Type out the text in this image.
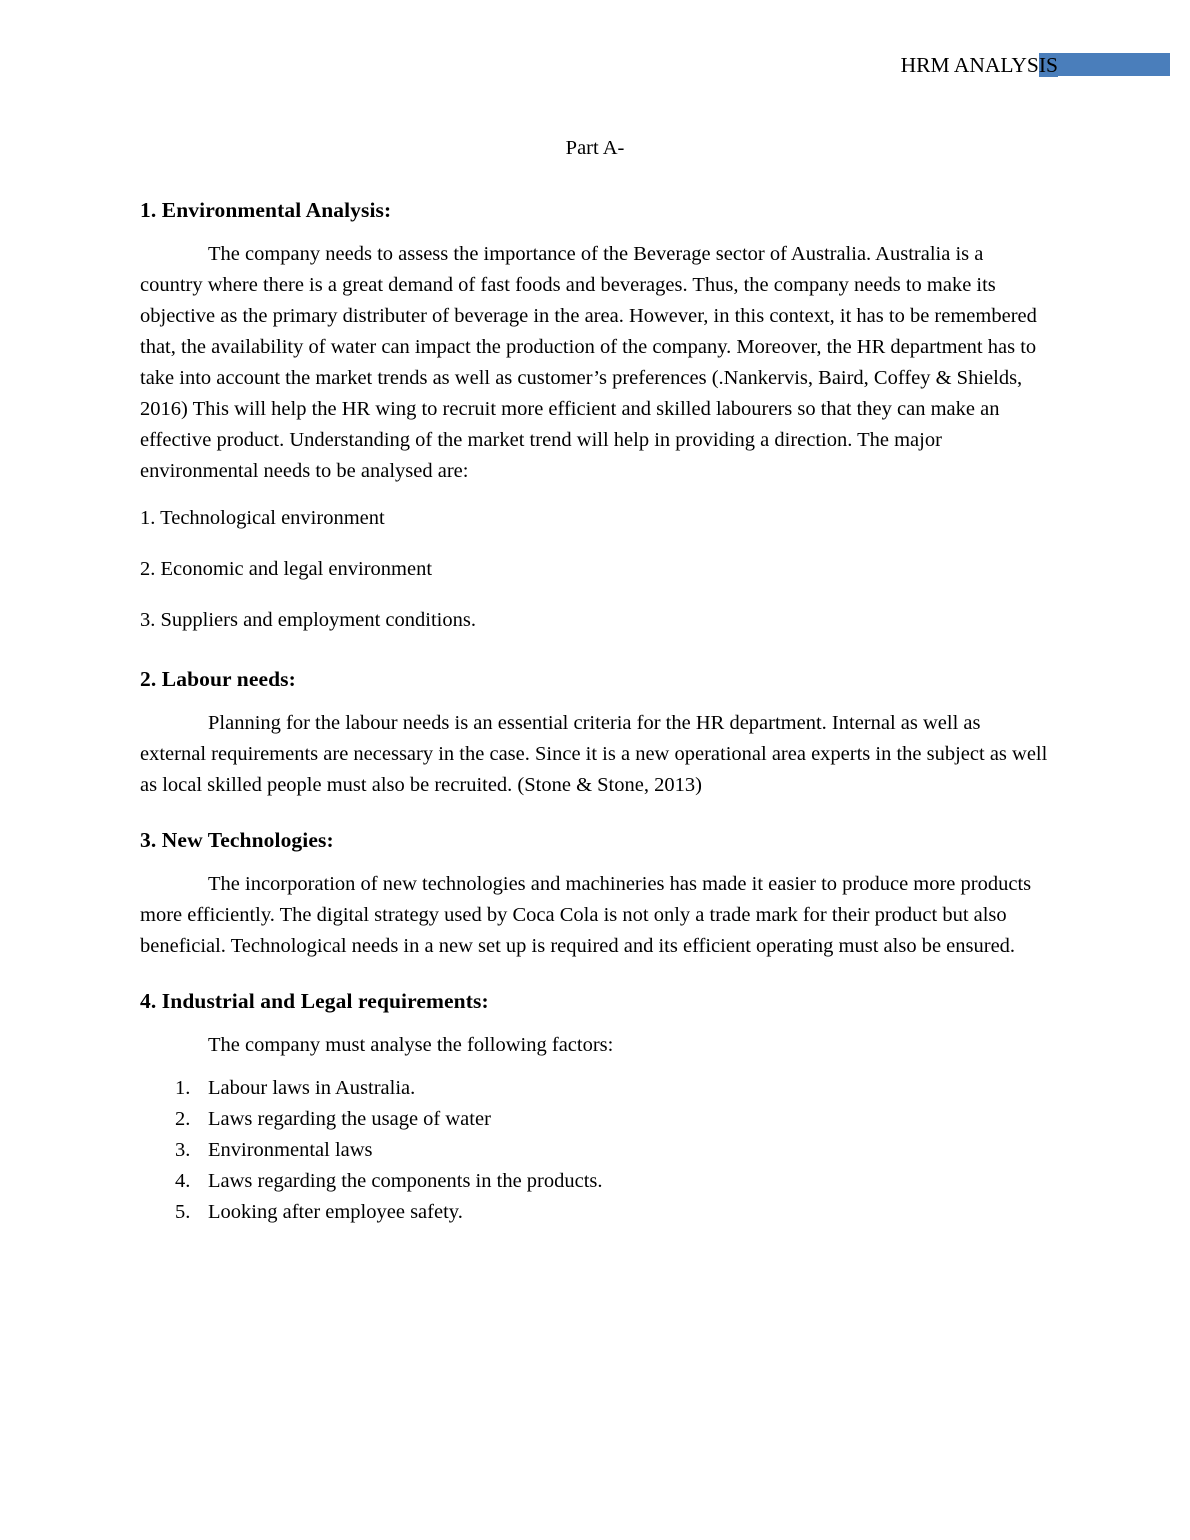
HRM ANALYSIS
Part A-
1. Environmental Analysis:

The company needs to assess the importance of the Beverage sector of Australia. Australia is a country where there is a great demand of fast foods and beverages. Thus, the company needs to make its objective as the primary distributer of beverage in the area. However, in this context, it has to be remembered that, the availability of water can impact the production of the company. Moreover, the HR department has to take into account the market trends as well as customer’s preferences (.Nankervis, Baird, Coffey & Shields, 2016) This will help the HR wing to recruit more efficient and skilled labourers so that they can make an effective product. Understanding of the market trend will help in providing a direction. The major environmental needs to be analysed are:

1. Technological environment

2. Economic and legal environment

3. Suppliers and employment conditions.

2. Labour needs:

Planning for the labour needs is an essential criteria for the HR department. Internal as well as external requirements are necessary in the case. Since it is a new operational area experts in the subject as well as local skilled people must also be recruited. (Stone & Stone, 2013)

3. New Technologies:

The incorporation of new technologies and machineries has made it easier to produce more products more efficiently. The digital strategy used by Coca Cola is not only a trade mark for their product but also beneficial. Technological needs in a new set up is required and its efficient operating must also be ensured.

4. Industrial and Legal requirements:

The company must analyse the following factors:

Labour laws in Australia.
Laws regarding the usage of water
Environmental laws
Laws regarding the components in the products.
Looking after employee safety.
